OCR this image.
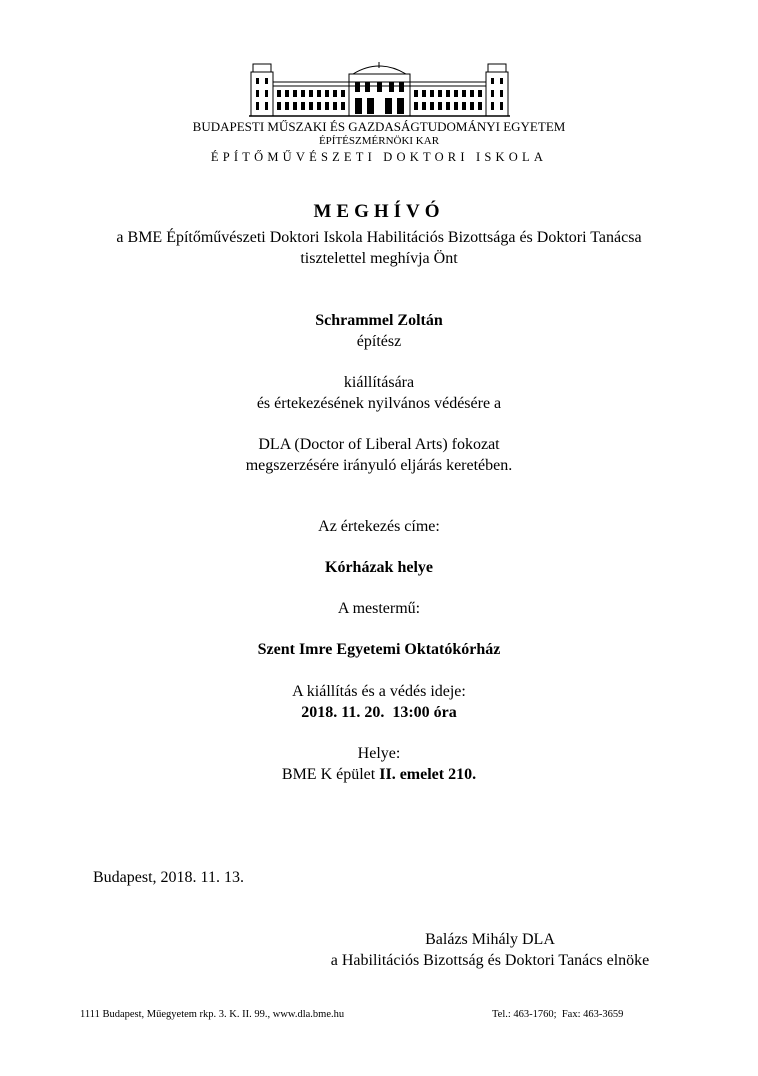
BUDAPESTI MŰSZAKI ÉS GAZDASÁGTUDOMÁNYI EGYETEM
ÉPÍTÉSZMÉRNÖKI KAR
ÉPÍTŐMŰVÉSZETI DOKTORI ISKOLA
MEGHÍVÓ
a BME Építőművészeti Doktori Iskola Habilitációs Bizottsága és Doktori Tanácsa
tisztelettel meghívja Önt
Schrammel Zoltán
építész
kiállítására
és értekezésének nyilvános védésére a
DLA (Doctor of Liberal Arts) fokozat
megszerzésére irányuló eljárás keretében.
Az értekezés címe:
Kórházak helye
A mestermű:
Szent Imre Egyetemi Oktatókórház
A kiállítás és a védés ideje:
2018. 11. 20.  13:00 óra
Helye:
BME K épület II. emelet 210.
Budapest, 2018. 11. 13.
Balázs Mihály DLA
a Habilitációs Bizottság és Doktori Tanács elnöke
1111 Budapest, Műegyetem rkp. 3. K. II. 99., www.dla.bme.hu	Tel.: 463-1760;  Fax: 463-3659
